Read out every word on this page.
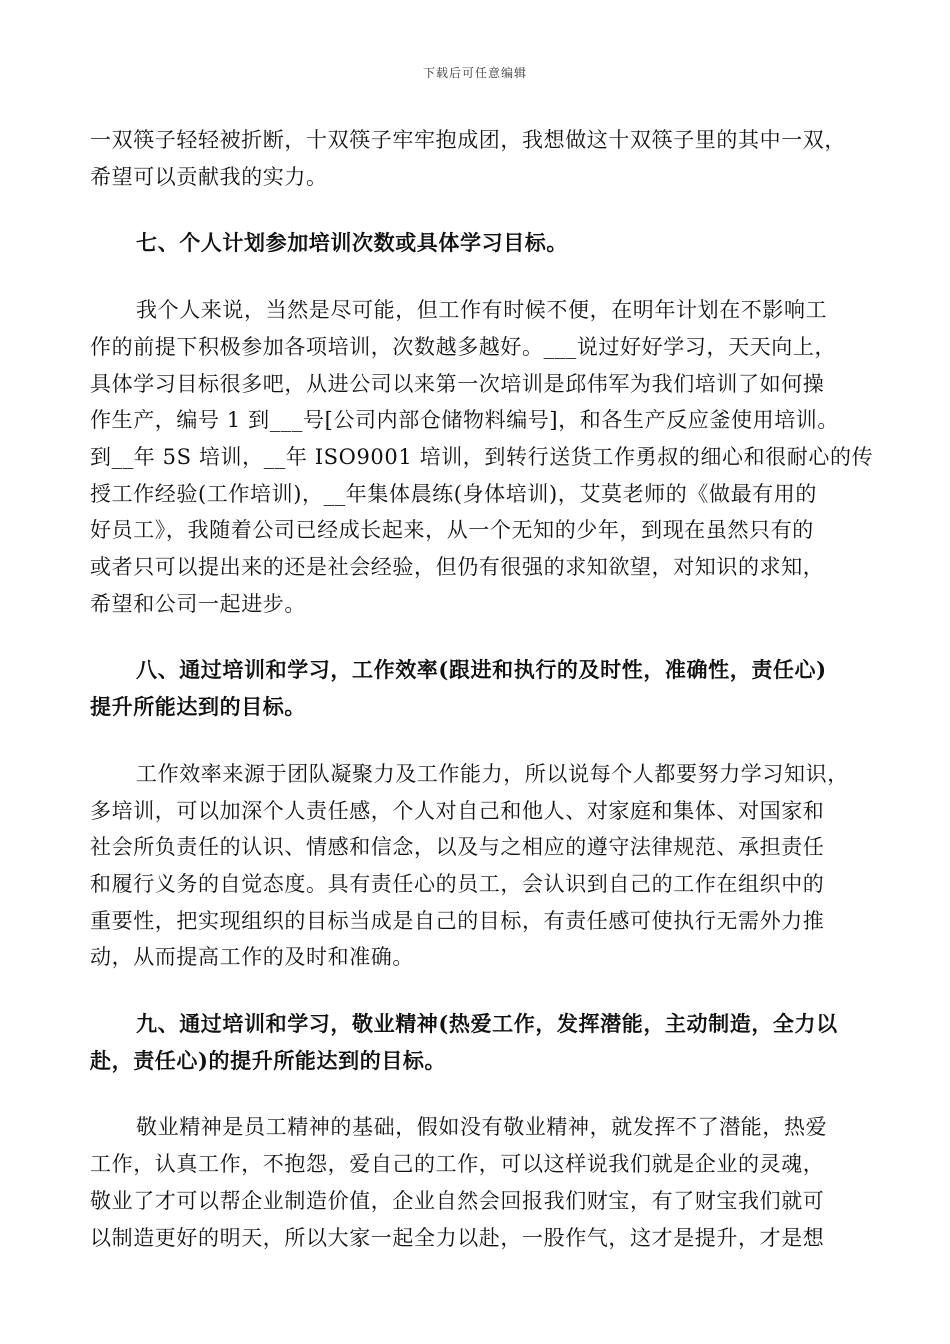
下载后可任意编辑
一双筷子轻轻被折断，十双筷子牢牢抱成团，我想做这十双筷子里的其中一双，
希望可以贡献我的实力。
七、个人计划参加培训次数或具体学习目标。
我个人来说，当然是尽可能，但工作有时候不便，在明年计划在不影响工
作的前提下积极参加各项培训，次数越多越好。___说过好好学习，天天向上，
具体学习目标很多吧，从进公司以来第一次培训是邱伟军为我们培训了如何操
作生产，编号 1 到___号[公司内部仓储物料编号]，和各生产反应釜使用培训。
到__年 5S 培训，__年 ISO9001 培训，到转行送货工作勇叔的细心和很耐心的传
授工作经验(工作培训)，__年集体晨练(身体培训)，艾莫老师的《做最有用的
好员工》，我随着公司已经成长起来，从一个无知的少年，到现在虽然只有的
或者只可以提出来的还是社会经验，但仍有很强的求知欲望，对知识的求知，
希望和公司一起进步。
八、通过培训和学习，工作效率(跟进和执行的及时性，准确性，责任心)
提升所能达到的目标。
工作效率来源于团队凝聚力及工作能力，所以说每个人都要努力学习知识，
多培训，可以加深个人责任感，个人对自己和他人、对家庭和集体、对国家和
社会所负责任的认识、情感和信念，以及与之相应的遵守法律规范、承担责任
和履行义务的自觉态度。具有责任心的员工，会认识到自己的工作在组织中的
重要性，把实现组织的目标当成是自己的目标，有责任感可使执行无需外力推
动，从而提高工作的及时和准确。
九、通过培训和学习，敬业精神(热爱工作，发挥潜能，主动制造，全力以
赴，责任心)的提升所能达到的目标。
敬业精神是员工精神的基础，假如没有敬业精神，就发挥不了潜能，热爱
工作，认真工作，不抱怨，爱自己的工作，可以这样说我们就是企业的灵魂，
敬业了才可以帮企业制造价值，企业自然会回报我们财宝，有了财宝我们就可
以制造更好的明天，所以大家一起全力以赴，一股作气，这才是提升，才是想
